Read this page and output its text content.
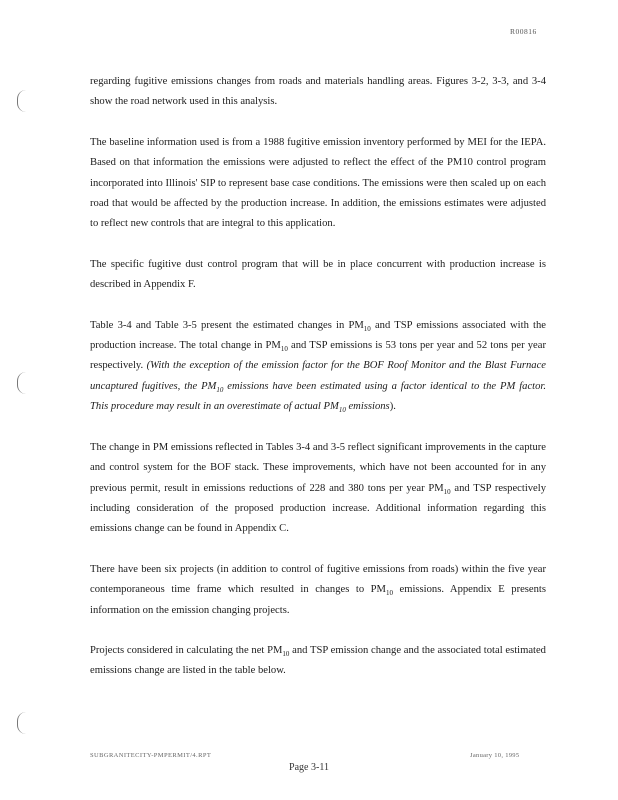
R00816

regarding fugitive emissions changes from roads and materials handling areas. Figures 3-2, 3-3, and 3-4 show the road network used in this analysis.

The baseline information used is from a 1988 fugitive emission inventory performed by MEI for the IEPA. Based on that information the emissions were adjusted to reflect the effect of the PM10 control program incorporated into Illinois' SIP to represent base case conditions. The emissions were then scaled up on each road that would be affected by the production increase. In addition, the emissions estimates were adjusted to reflect new controls that are integral to this application.

The specific fugitive dust control program that will be in place concurrent with production increase is described in Appendix F.

Table 3-4 and Table 3-5 present the estimated changes in $PM_{10}$ and TSP emissions associated with the production increase. The total change in $PM_{10}$ and TSP emissions is 53 tons per year and 52 tons per year respectively. (With the exception of the emission factor for the BOF Roof Monitor and the Blast Furnace uncaptured fugitives, the $PM_{10}$ emissions have been estimated using a factor identical to the PM factor. This procedure may result in an overestimate of actual $PM_{10}$ emissions).

The change in PM emissions reflected in Tables 3-4 and 3-5 reflect significant improvements in the capture and control system for the BOF stack. These improvements, which have not been accounted for in any previous permit, result in emissions reductions of 228 and 380 tons per year $PM_{10}$ and TSP respectively including consideration of the proposed production increase. Additional information regarding this emissions change can be found in Appendix C.

There have been six projects (in addition to control of fugitive emissions from roads) within the five year contemporaneous time frame which resulted in changes to $PM_{10}$ emissions. Appendix E presents information on the emission changing projects.

Projects considered in calculating the net $PM_{10}$ and TSP emission change and the associated total estimated emissions change are listed in the table below.

SUBGRANITECITY-PMPERMIT/4.RPT	January 10, 1995
Page 3-11
